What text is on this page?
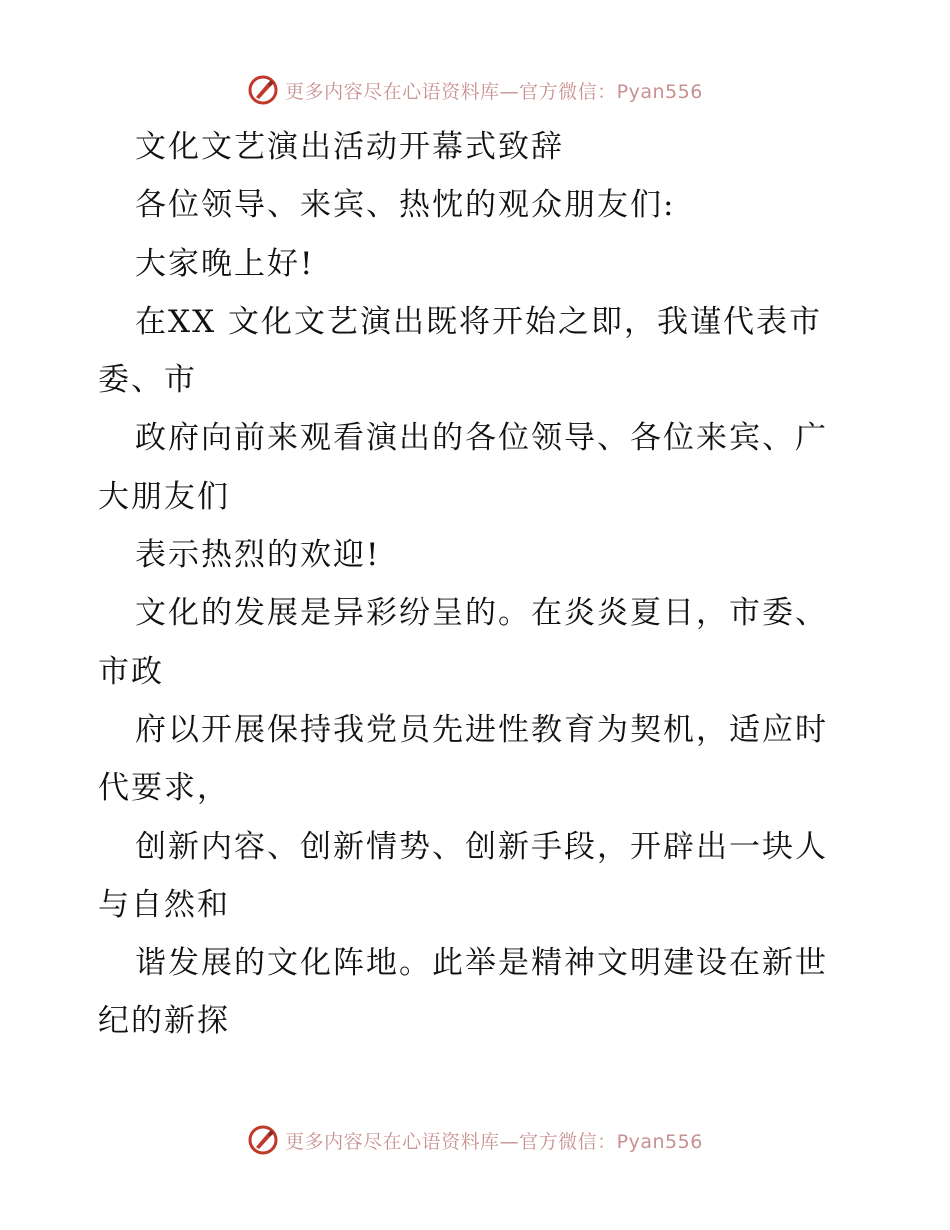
更多内容尽在心语资料库—官方微信：Pyan556
文化文艺演出活动开幕式致辞
各位领导、来宾、热忱的观众朋友们:
大家晚上好!
在XX 文化文艺演出既将开始之即，我谨代表市
委、市
政府向前来观看演出的各位领导、各位来宾、广
大朋友们
表示热烈的欢迎!
文化的发展是异彩纷呈的。在炎炎夏日，市委、
市政
府以开展保持我党员先进性教育为契机，适应时
代要求，
创新内容、创新情势、创新手段，开辟出一块人
与自然和
谐发展的文化阵地。此举是精神文明建设在新世
纪的新探
更多内容尽在心语资料库—官方微信：Pyan556
